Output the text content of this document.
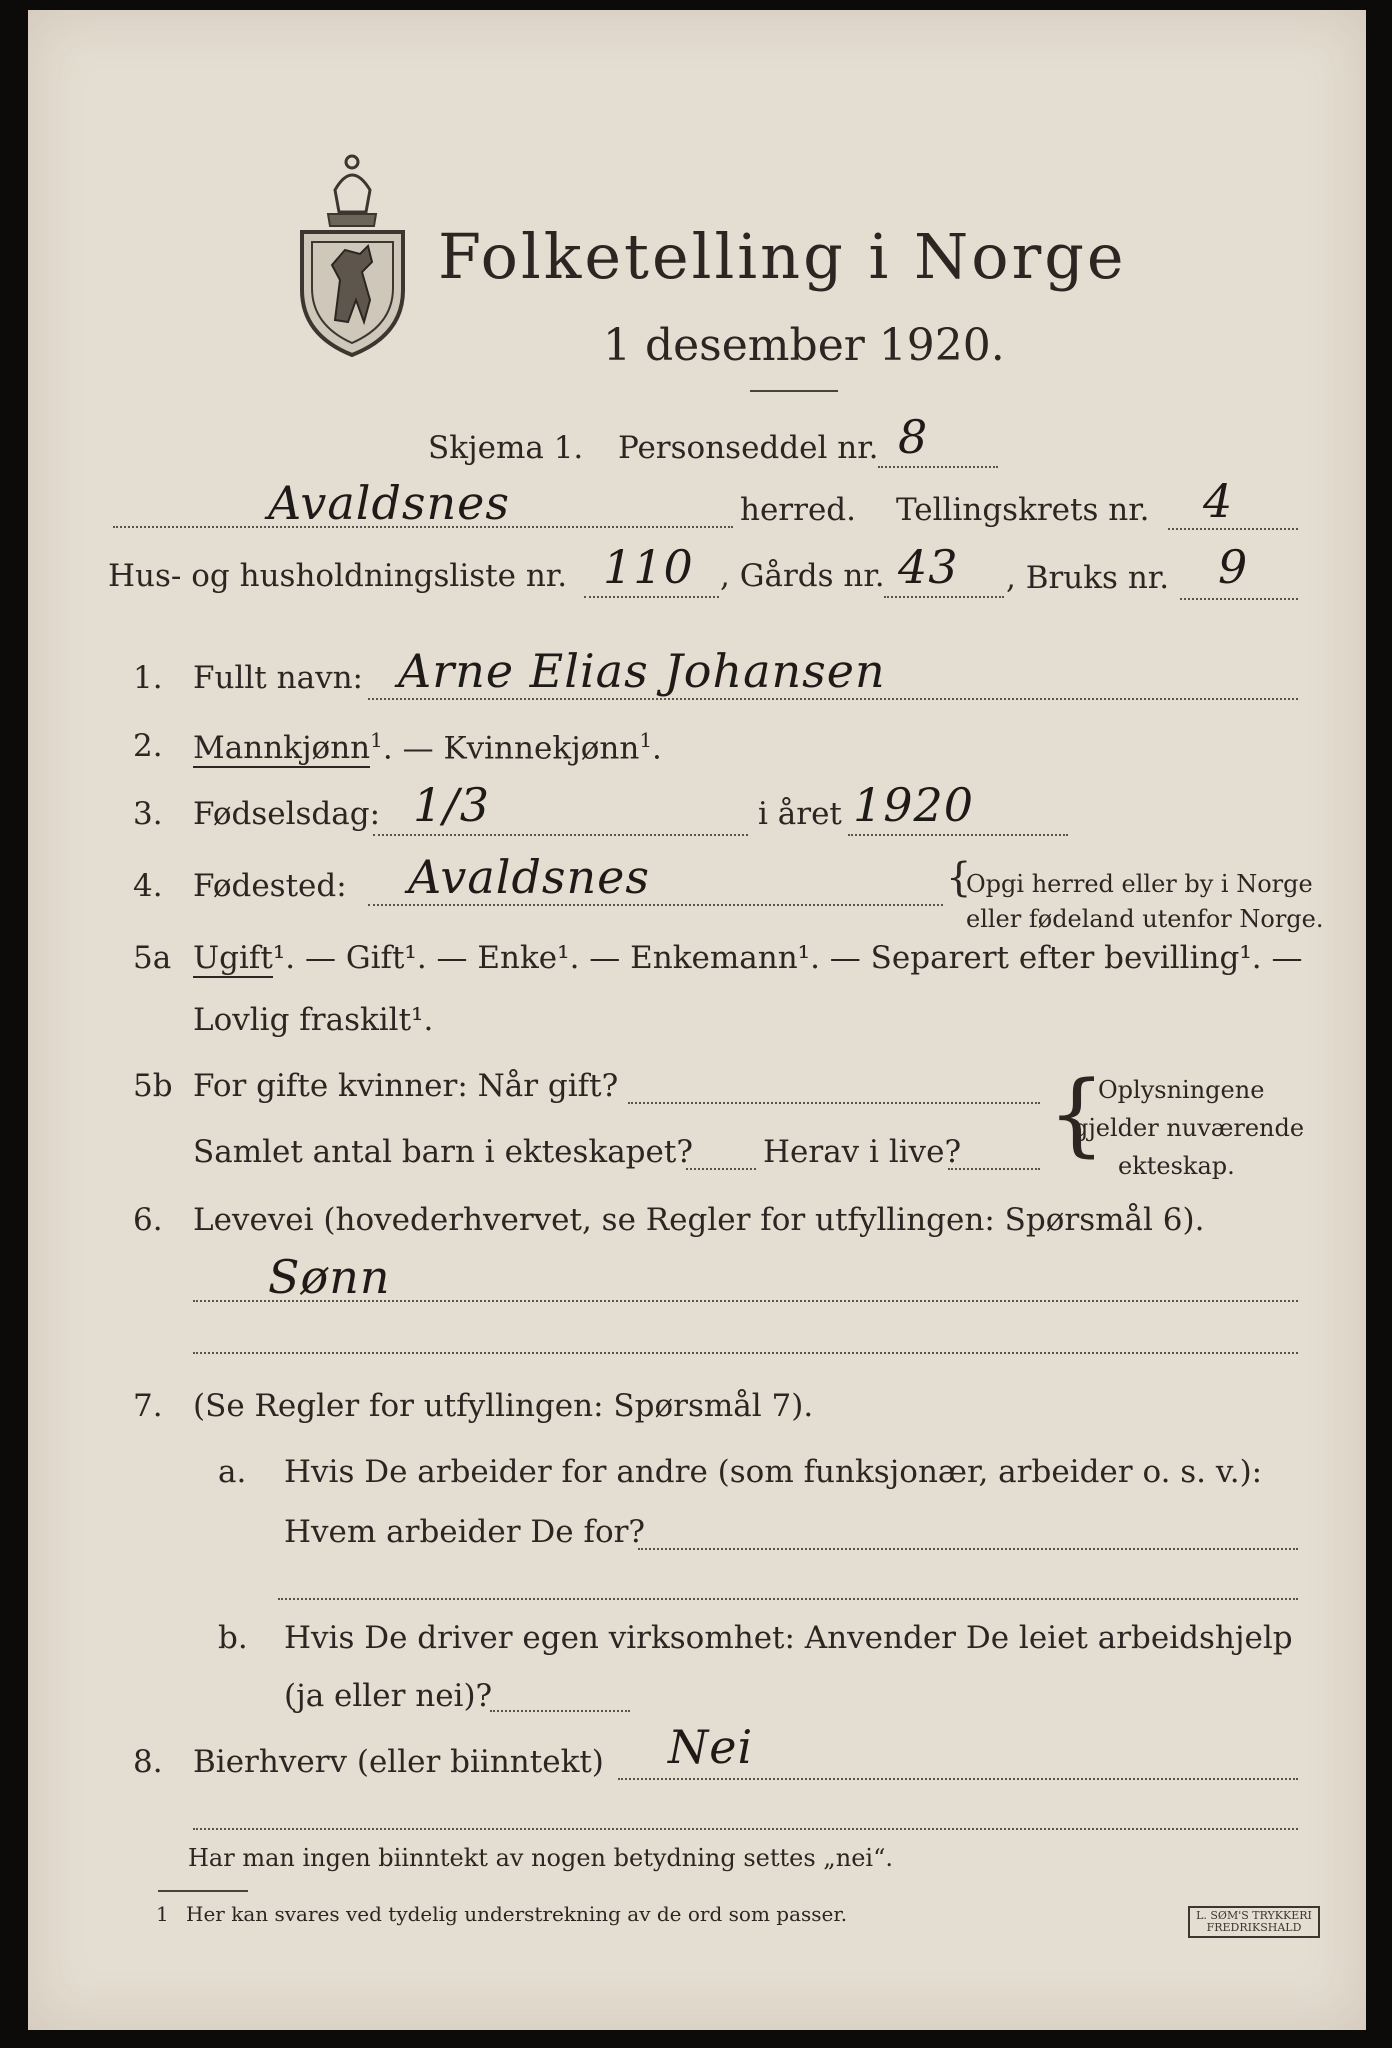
Folketelling i Norge
1 desember 1920.
Skjema 1. Personseddel nr. 8
Avaldsnes	herred. Tellingskrets nr. 4
Hus- og husholdningsliste nr. 110 , Gårds nr. 43 , Bruks nr. 9
1. Fullt navn: Arne Elias Johansen
2. Mannkjønn$^1$. — Kvinnekjønn$^1$.
3. Fødselsdag: 1/3	i året 1920
4. Fødested: Avaldsnes	{
Opgi herred eller by i Norge
eller fødeland utenfor Norge.
5a Ugift¹. — Gift¹. — Enke¹. — Enkemann¹. — Separert efter bevilling¹. —
Lovlig fraskilt¹.
5b For gifte kvinner: Når gift?
Samlet antal barn i ekteskapet? Herav i live? {
Oplysningene
gjelder nuværende
ekteskap.
6. Levevei (hovederhvervet, se Regler for utfyllingen: Spørsmål 6).
Sønn
7. (Se Regler for utfyllingen: Spørsmål 7).
a. Hvis De arbeider for andre (som funksjonær, arbeider o. s. v.):
Hvem arbeider De for?
b. Hvis De driver egen virksomhet: Anvender De leiet arbeidshjelp
(ja eller nei)?
8. Bierhverv (eller biinntekt) Nei
Har man ingen biinntekt av nogen betydning settes „nei“.
1 Her kan svares ved tydelig understrekning av de ord som passer.	L. SØM'S TRYKKERI FREDRIKSHALD
